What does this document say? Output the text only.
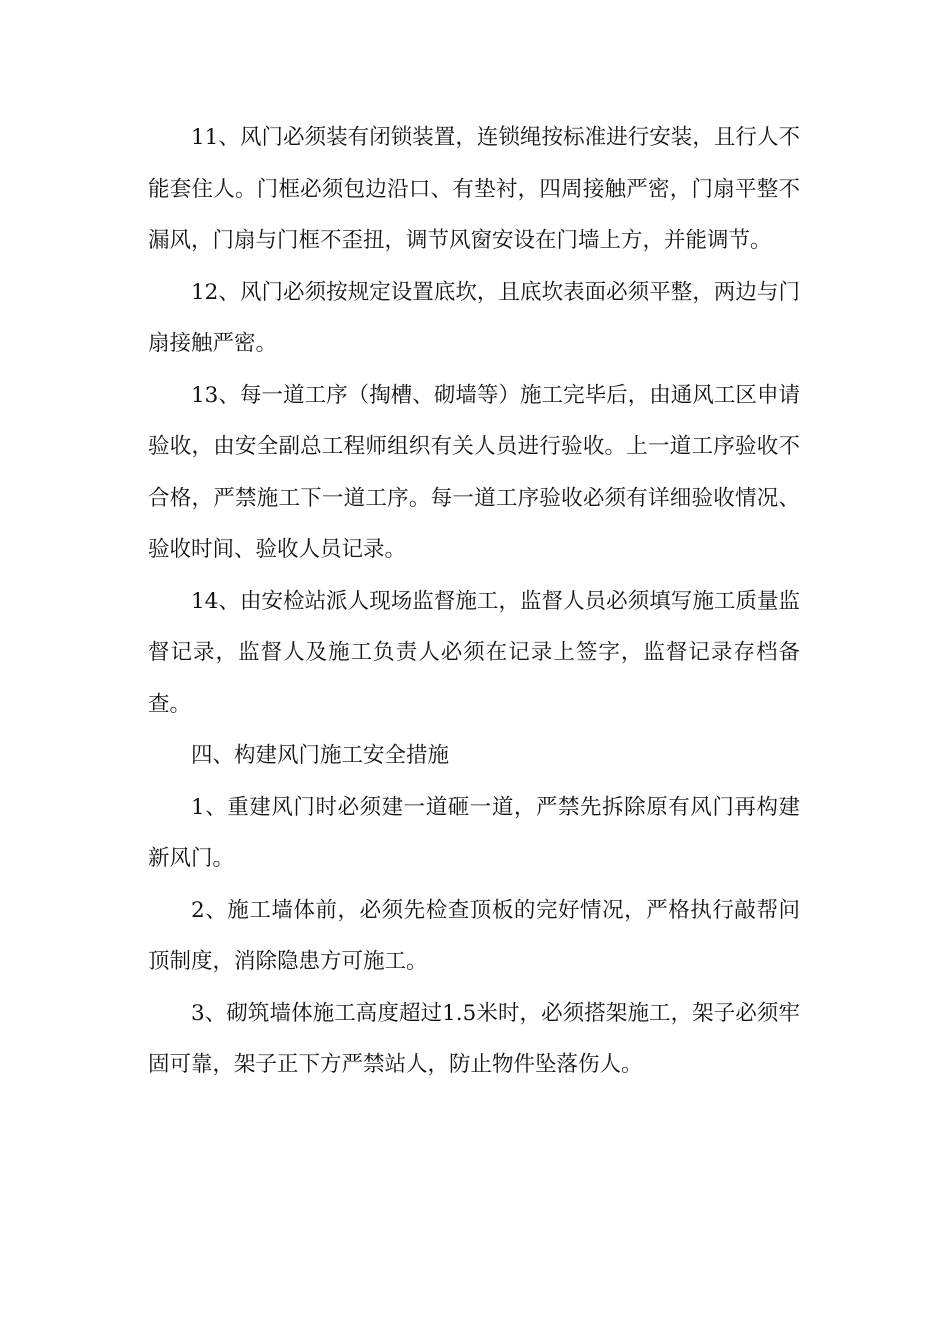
11、风门必须装有闭锁装置，连锁绳按标准进行安装，且行人不能套住人。门框必须包边沿口、有垫衬，四周接触严密，门扇平整不漏风，门扇与门框不歪扭，调节风窗安设在门墙上方，并能调节。

12、风门必须按规定设置底坎，且底坎表面必须平整，两边与门扇接触严密。

13、每一道工序（掏槽、砌墙等）施工完毕后，由通风工区申请验收，由安全副总工程师组织有关人员进行验收。上一道工序验收不合格，严禁施工下一道工序。每一道工序验收必须有详细验收情况、验收时间、验收人员记录。

14、由安检站派人现场监督施工，监督人员必须填写施工质量监督记录，监督人及施工负责人必须在记录上签字，监督记录存档备查。

四、构建风门施工安全措施

1、重建风门时必须建一道砸一道，严禁先拆除原有风门再构建新风门。

2、施工墙体前，必须先检查顶板的完好情况，严格执行敲帮问顶制度，消除隐患方可施工。

3、砌筑墙体施工高度超过1.5米时，必须搭架施工，架子必须牢固可靠，架子正下方严禁站人，防止物件坠落伤人。
